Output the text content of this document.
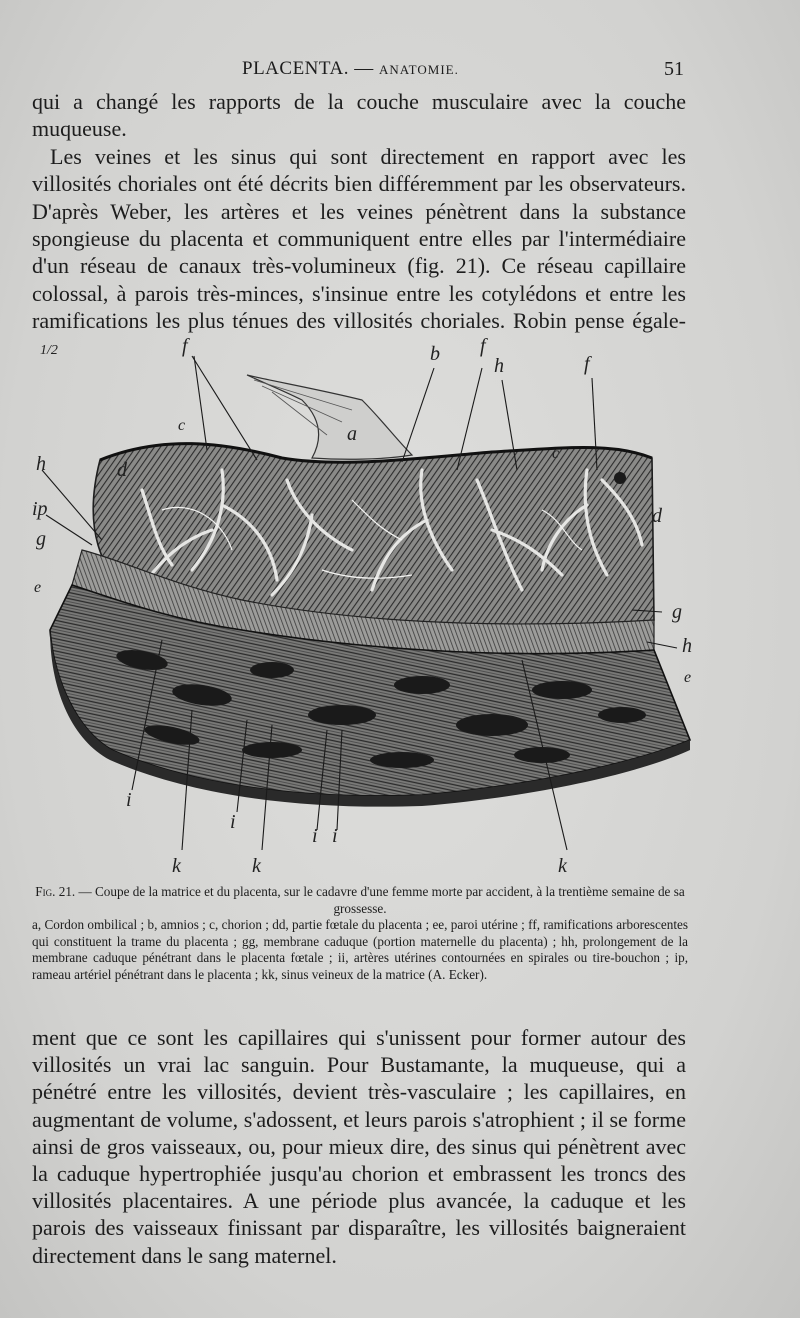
PLACENTA. — ANATOMIE.	51

qui a changé les rapports de la couche musculaire avec la couche muqueuse.

Les veines et les sinus qui sont directement en rapport avec les villosités choriales ont été décrits bien différemment par les observateurs. D'après Weber, les artères et les veines pénètrent dans la substance spongieuse du placenta et communiquent entre elles par l'intermédiaire d'un réseau de canaux très-volumineux (fig. 21). Ce réseau capillaire colossal, à parois très-minces, s'insinue entre les cotylédons et entre les ramifications les plus ténues des villosités choriales. Robin pense égale-

1/2	f	b f
h	f
c	a
c
h	d
ip
g
e
d
g
h
e
i
i
i i
k	k	k

Fig. 21. — Coupe de la matrice et du placenta, sur le cadavre d'une femme morte par accident, à la trentième semaine de sa grossesse.

a, Cordon ombilical ; b, amnios ; c, chorion ; dd, partie fœtale du placenta ; ee, paroi utérine ; ff, ramifications arborescentes qui constituent la trame du placenta ; gg, membrane caduque (portion maternelle du placenta) ; hh, prolongement de la membrane caduque pénétrant dans le placenta fœtale ; ii, artères utérines contournées en spirales ou tire-bouchon ; ip, rameau artériel pénétrant dans le placenta ; kk, sinus veineux de la matrice (A. Ecker).

ment que ce sont les capillaires qui s'unissent pour former autour des villosités un vrai lac sanguin. Pour Bustamante, la muqueuse, qui a pénétré entre les villosités, devient très-vasculaire ; les capillaires, en augmentant de volume, s'adossent, et leurs parois s'atrophient ; il se forme ainsi de gros vaisseaux, ou, pour mieux dire, des sinus qui pénètrent avec la caduque hypertrophiée jusqu'au chorion et embrassent les troncs des villosités placentaires. A une période plus avancée, la caduque et les parois des vaisseaux finissant par disparaître, les villosités baigneraient directement dans le sang maternel.
